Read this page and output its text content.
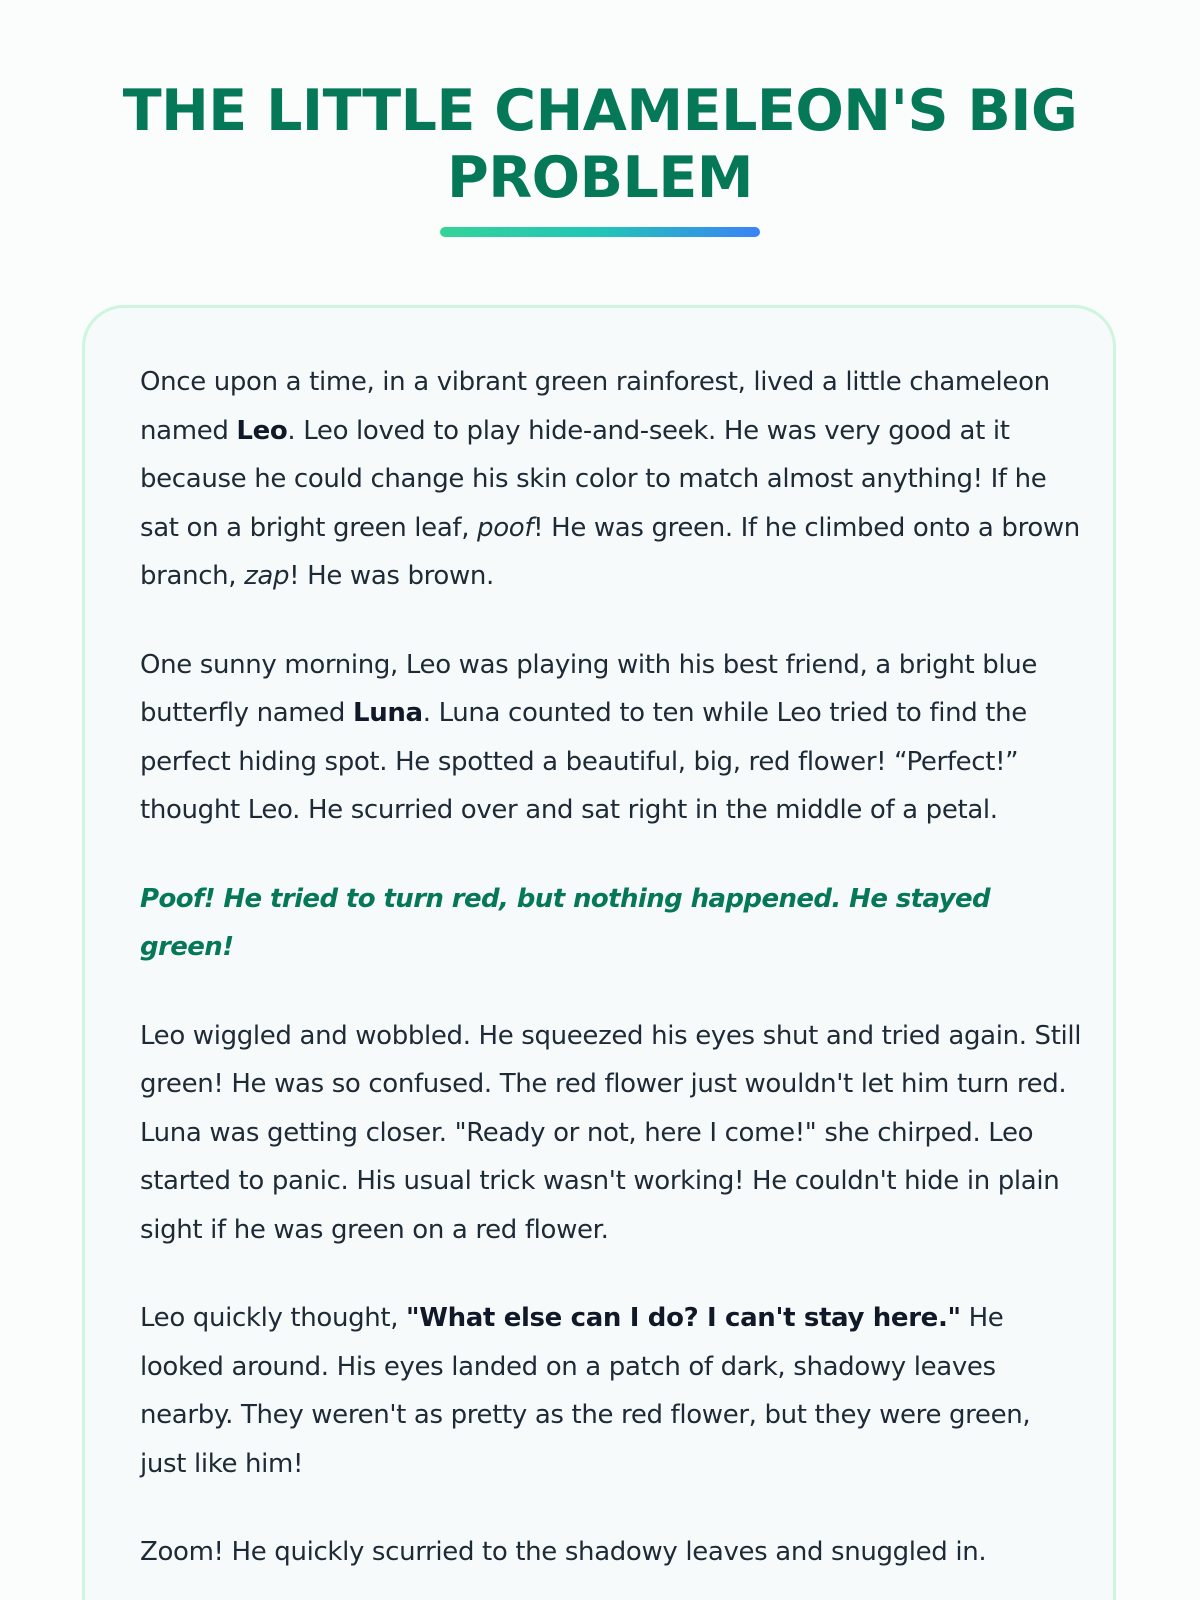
THE LITTLE CHAMELEON'S BIG PROBLEM

Once upon a time, in a vibrant green rainforest, lived a little chameleon named Leo. Leo loved to play hide-and-seek. He was very good at it because he could change his skin color to match almost anything! If he sat on a bright green leaf, poof! He was green. If he climbed onto a brown branch, zap! He was brown.

One sunny morning, Leo was playing with his best friend, a bright blue butterfly named Luna. Luna counted to ten while Leo tried to find the perfect hiding spot. He spotted a beautiful, big, red flower! “Perfect!” thought Leo. He scurried over and sat right in the middle of a petal.

Poof! He tried to turn red, but nothing happened. He stayed green!

Leo wiggled and wobbled. He squeezed his eyes shut and tried again. Still green! He was so confused. The red flower just wouldn't let him turn red. Luna was getting closer. "Ready or not, here I come!" she chirped. Leo started to panic. His usual trick wasn't working! He couldn't hide in plain sight if he was green on a red flower.

Leo quickly thought, "What else can I do? I can't stay here." He looked around. His eyes landed on a patch of dark, shadowy leaves nearby. They weren't as pretty as the red flower, but they were green, just like him!

Zoom! He quickly scurried to the shadowy leaves and snuggled in.
